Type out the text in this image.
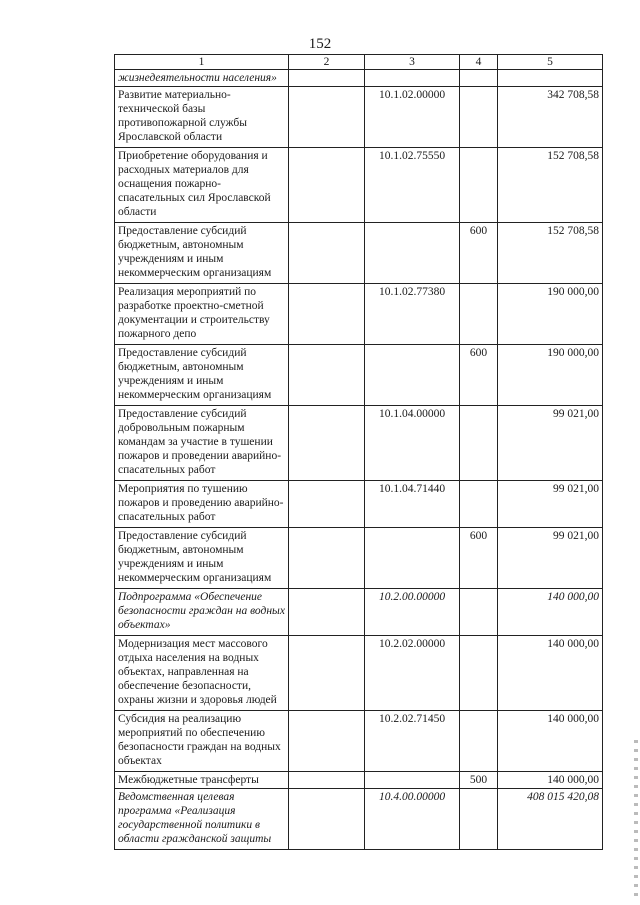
152
1	2	3	4	5
жизнедеятельности населения»				
Развитие материально-технической базы противопожарной службы Ярославской области		10.1.02.00000		342 708,58
Приобретение оборудования и расходных материалов для оснащения пожарно-спасательных сил Ярославской области		10.1.02.75550		152 708,58
Предоставление субсидий бюджетным, автономным учреждениям и иным некоммерческим организациям			600	152 708,58
Реализация мероприятий по разработке проектно-сметной документации и строительству пожарного депо		10.1.02.77380		190 000,00
Предоставление субсидий бюджетным, автономным учреждениям и иным некоммерческим организациям			600	190 000,00
Предоставление субсидий добровольным пожарным командам за участие в тушении пожаров и проведении аварийно-спасательных работ		10.1.04.00000		99 021,00
Мероприятия по тушению пожаров и проведению аварийно-спасательных работ		10.1.04.71440		99 021,00
Предоставление субсидий бюджетным, автономным учреждениям и иным некоммерческим организациям			600	99 021,00
Подпрограмма «Обеспечение безопасности граждан на водных объектах»		10.2.00.00000		140 000,00
Модернизация мест массового отдыха населения на водных объектах, направленная на обеспечение безопасности, охраны жизни и здоровья людей		10.2.02.00000		140 000,00
Субсидия на реализацию мероприятий по обеспечению безопасности граждан на водных объектах		10.2.02.71450		140 000,00
Межбюджетные трансферты			500	140 000,00
Ведомственная целевая программа «Реализация государственной политики в области гражданской защиты		10.4.00.00000		408 015 420,08
